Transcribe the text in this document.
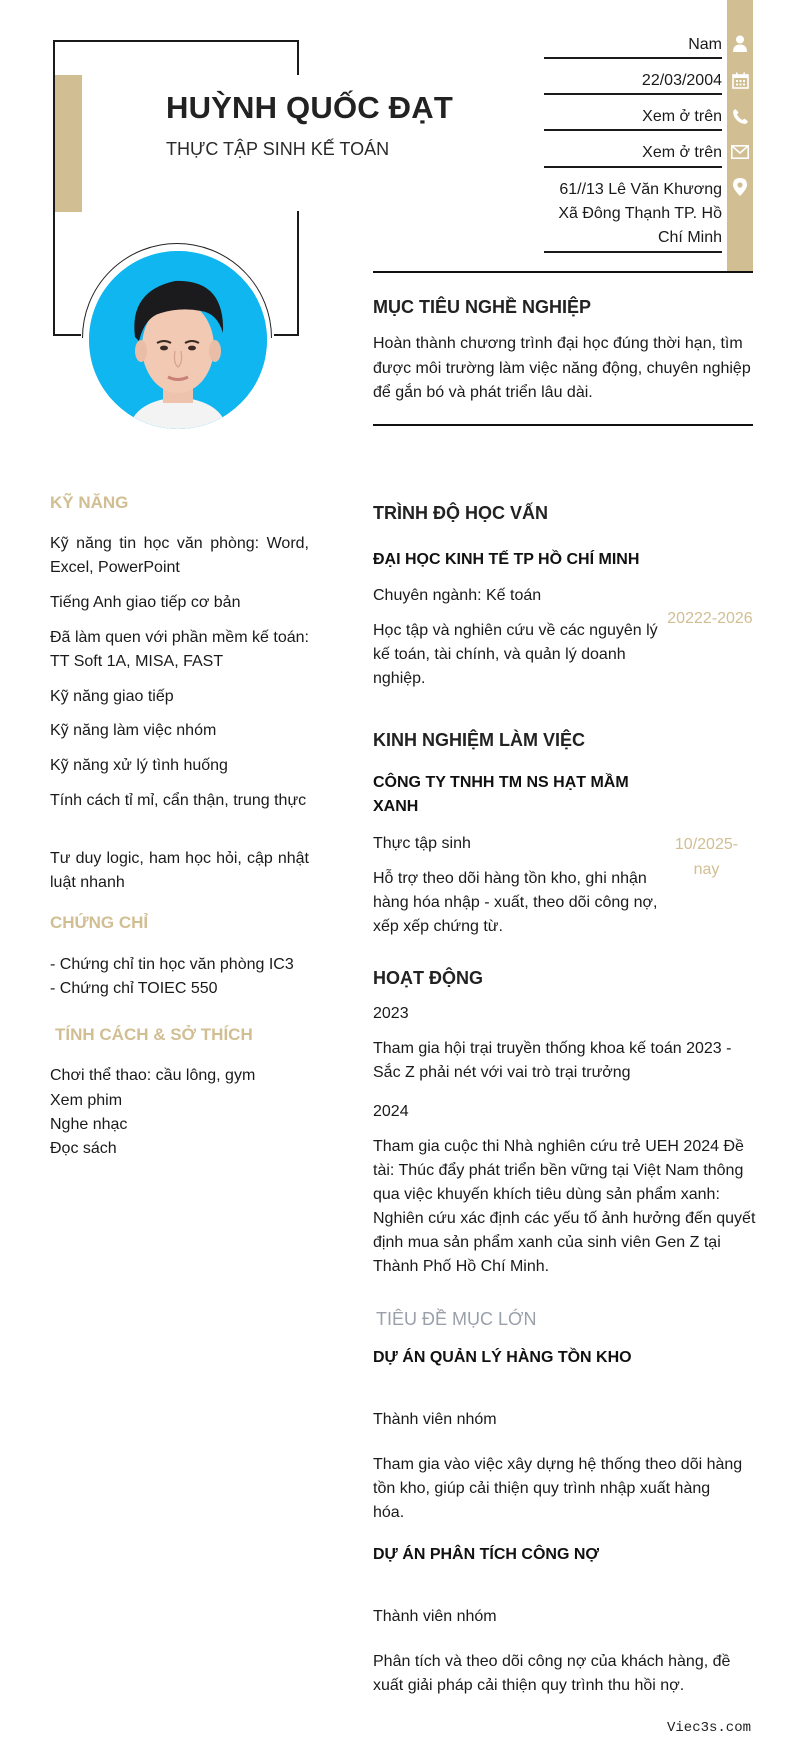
HUỲNH QUỐC ĐẠT
THỰC TẬP SINH KẾ TOÁN
Nam
22/03/2004
Xem ở trên
Xem ở trên
61//13 Lê Văn Khương
Xã Đông Thạnh TP. Hồ
Chí Minh
MỤC TIÊU NGHỀ NGHIỆP
Hoàn thành chương trình đại học đúng thời hạn, tìm được môi trường làm việc năng động, chuyên nghiệp để gắn bó và phát triển lâu dài.
KỸ NĂNG
Kỹ năng tin học văn phòng: Word, Excel, PowerPoint
Tiếng Anh giao tiếp cơ bản
Đã làm quen với phần mềm kế toán: TT Soft 1A, MISA, FAST
Kỹ năng giao tiếp
Kỹ năng làm việc nhóm
Kỹ năng xử lý tình huống
Tính cách tỉ mỉ, cẩn thận, trung thực
Tư duy logic, ham học hỏi, cập nhật luật nhanh
CHỨNG CHỈ
- Chứng chỉ tin học văn phòng IC3
- Chứng chỉ TOIEC 550
TÍNH CÁCH & SỞ THÍCH
Chơi thể thao: cầu lông, gym
Xem phim
Nghe nhạc
Đọc sách
TRÌNH ĐỘ HỌC VẤN
ĐẠI HỌC KINH TẾ TP HỒ CHÍ MINH
Chuyên ngành: Kế toán
Học tập và nghiên cứu về các nguyên lý kế toán, tài chính, và quản lý doanh nghiệp.
20222-2026
KINH NGHIỆM LÀM VIỆC
CÔNG TY TNHH TM NS HẠT MẦM XANH
Thực tập sinh
Hỗ trợ theo dõi hàng tồn kho, ghi nhận hàng hóa nhập - xuất, theo dõi công nợ, xếp xếp chứng từ.
10/2025-
nay
HOẠT ĐỘNG
2023
Tham gia hội trại truyền thống khoa kế toán 2023 - Sắc Z phải nét với vai trò trại trưởng
2024
Tham gia cuộc thi Nhà nghiên cứu trẻ UEH 2024 Đề tài: Thúc đẩy phát triển bền vững tại Việt Nam thông qua việc khuyến khích tiêu dùng sản phẩm xanh: Nghiên cứu xác định các yếu tố ảnh hưởng đến quyết định mua sản phẩm xanh của sinh viên Gen Z tại Thành Phố Hồ Chí Minh.
TIÊU ĐỀ MỤC LỚN
DỰ ÁN QUẢN LÝ HÀNG TỒN KHO
Thành viên nhóm
Tham gia vào việc xây dựng hệ thống theo dõi hàng tồn kho, giúp cải thiện quy trình nhập xuất hàng hóa.
DỰ ÁN PHÂN TÍCH CÔNG NỢ
Thành viên nhóm
Phân tích và theo dõi công nợ của khách hàng, đề xuất giải pháp cải thiện quy trình thu hồi nợ.
Viec3s.com
